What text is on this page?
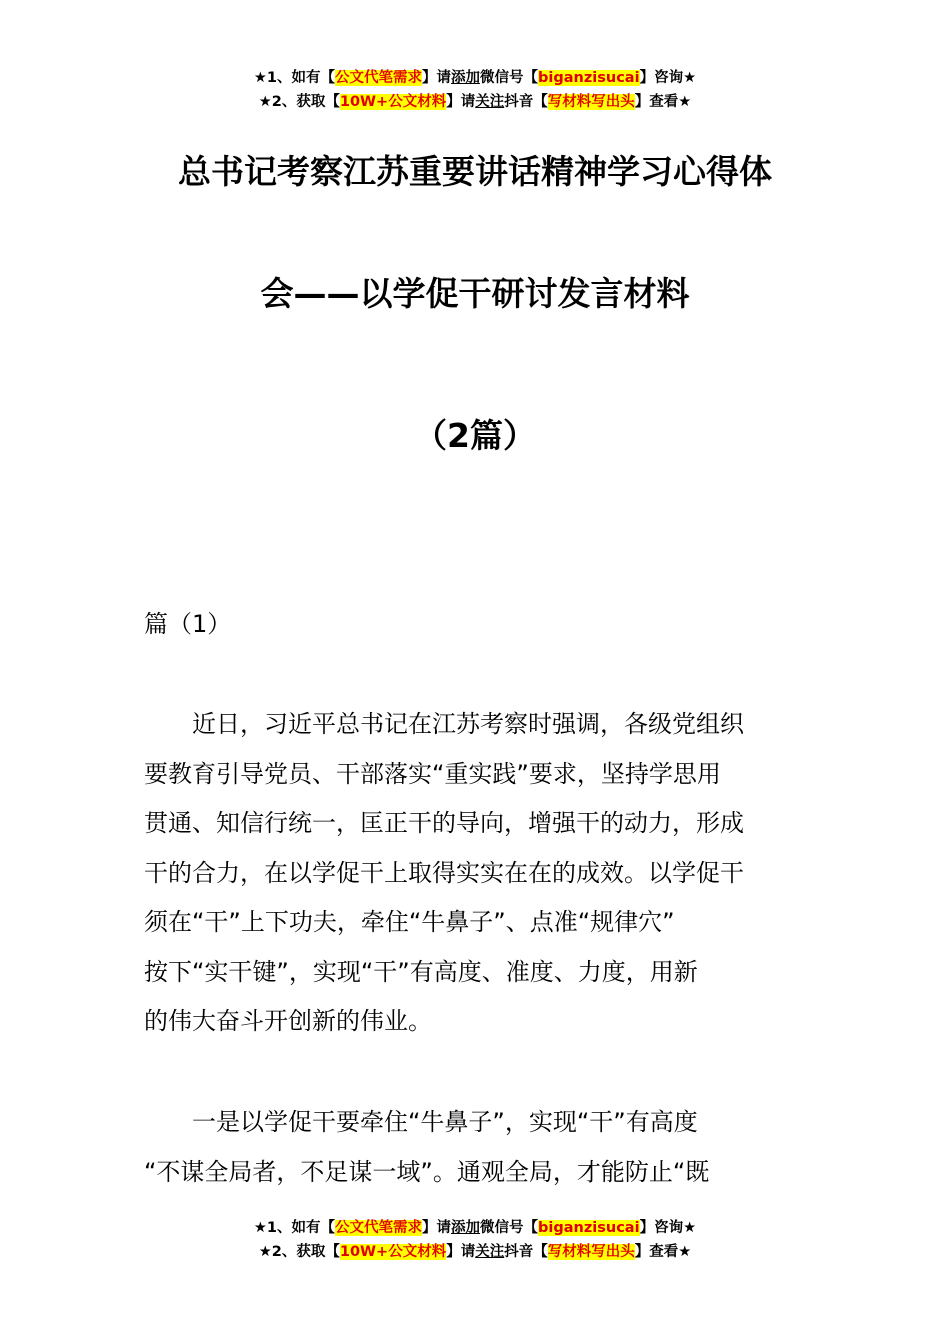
★1、如有【公文代笔需求】请添加微信号【biganzisucai】咨询★
★2、获取【10W+公文材料】请关注抖音【写材料写出头】查看★
总书记考察江苏重要讲话精神学习心得体
会——以学促干研讨发言材料
（2篇）
篇（1）
近日，习近平总书记在江苏考察时强调，各级党组织
要教育引导党员、干部落实“重实践”要求，坚持学思用
贯通、知信行统一，匡正干的导向，增强干的动力，形成
干的合力，在以学促干上取得实实在在的成效。以学促干
须在“干”上下功夫，牵住“牛鼻子”、点准“规律穴”
按下“实干键”，实现“干”有高度、准度、力度，用新
的伟大奋斗开创新的伟业。
一是以学促干要牵住“牛鼻子”，实现“干”有高度
“不谋全局者，不足谋一域”。通观全局，才能防止“既
★1、如有【公文代笔需求】请添加微信号【biganzisucai】咨询★
★2、获取【10W+公文材料】请关注抖音【写材料写出头】查看★
